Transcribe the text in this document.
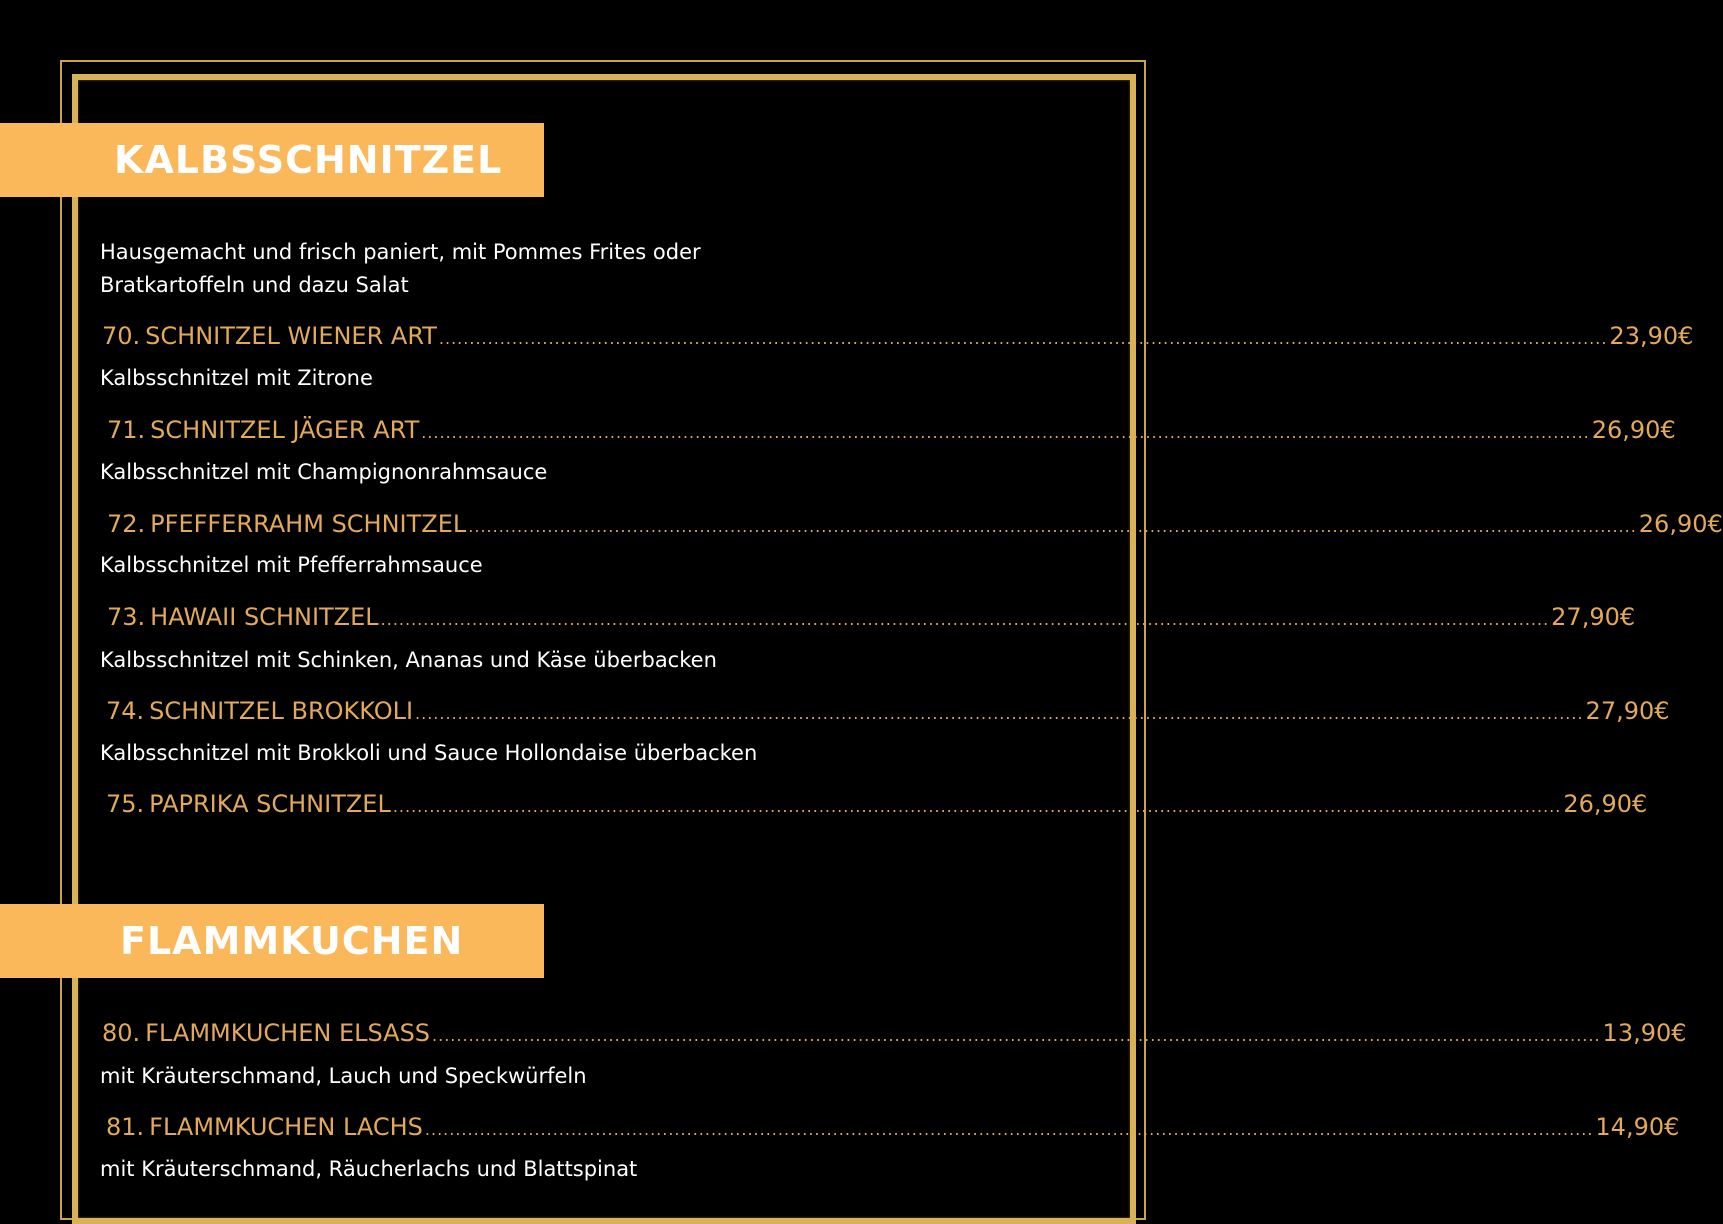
KALBSSCHNITZEL
Hausgemacht und frisch paniert, mit Pommes Frites oder Bratkartoffeln und dazu Salat
70. SCHNITZEL WIENER ART ................................................................................................................................................................................................ 23,90€
Kalbsschnitzel mit Zitrone
71. SCHNITZEL JÄGER ART ................................................................................................................................................................................................ 26,90€
Kalbsschnitzel mit Champignonrahmsauce
72. PFEFFERRAHM SCHNITZEL ................................................................................................................................................................................................ 26,90€
Kalbsschnitzel mit Pfefferrahmsauce
73. HAWAII SCHNITZEL ................................................................................................................................................................................................ 27,90€
Kalbsschnitzel mit Schinken, Ananas und Käse überbacken
74. SCHNITZEL BROKKOLI ................................................................................................................................................................................................ 27,90€
Kalbsschnitzel mit Brokkoli und Sauce Hollondaise überbacken
75. PAPRIKA SCHNITZEL ................................................................................................................................................................................................ 26,90€
FLAMMKUCHEN
80. FLAMMKUCHEN ELSASS ................................................................................................................................................................................................ 13,90€
mit Kräuterschmand, Lauch und Speckwürfeln
81. FLAMMKUCHEN LACHS ................................................................................................................................................................................................ 14,90€
mit Kräuterschmand, Räucherlachs und Blattspinat
